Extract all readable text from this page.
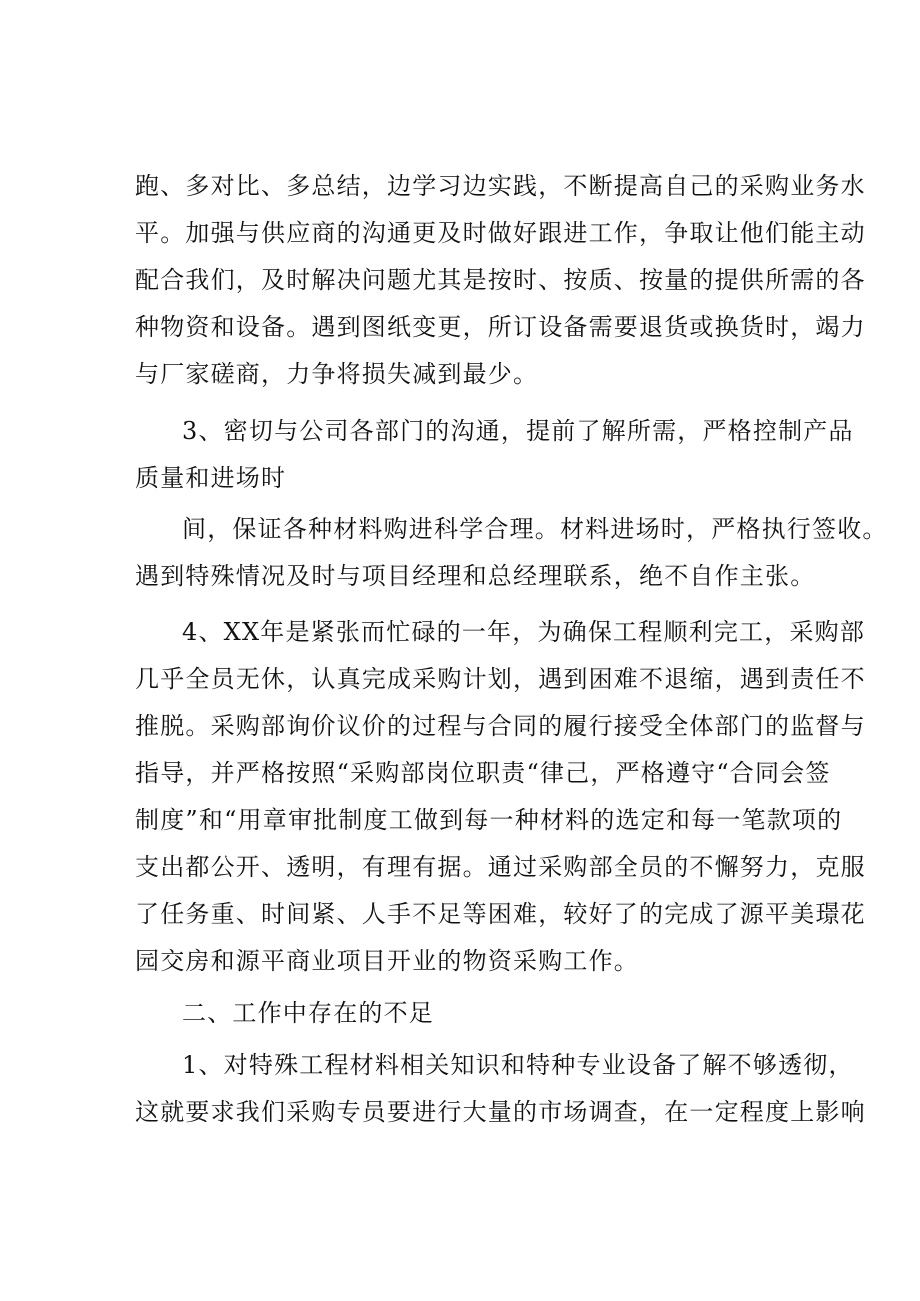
跑、多对比、多总结，边学习边实践，不断提高自己的采购业务水
平。加强与供应商的沟通更及时做好跟进工作，争取让他们能主动
配合我们，及时解决问题尤其是按时、按质、按量的提供所需的各
种物资和设备。遇到图纸变更，所订设备需要退货或换货时，竭力
与厂家磋商，力争将损失减到最少。
3、密切与公司各部门的沟通，提前了解所需，严格控制产品
质量和进场时
间，保证各种材料购进科学合理。材料进场时，严格执行签收。
遇到特殊情况及时与项目经理和总经理联系，绝不自作主张。
4、XX年是紧张而忙碌的一年，为确保工程顺利完工，采购部
几乎全员无休，认真完成采购计划，遇到困难不退缩，遇到责任不
推脱。采购部询价议价的过程与合同的履行接受全体部门的监督与
指导，并严格按照“采购部岗位职责“律己，严格遵守“合同会签
制度”和“用章审批制度工做到每一种材料的选定和每一笔款项的
支出都公开、透明，有理有据。通过采购部全员的不懈努力，克服
了任务重、时间紧、人手不足等困难，较好了的完成了源平美璟花
园交房和源平商业项目开业的物资采购工作。
二、工作中存在的不足
1、对特殊工程材料相关知识和特种专业设备了解不够透彻，
这就要求我们采购专员要进行大量的市场调查，在一定程度上影响
